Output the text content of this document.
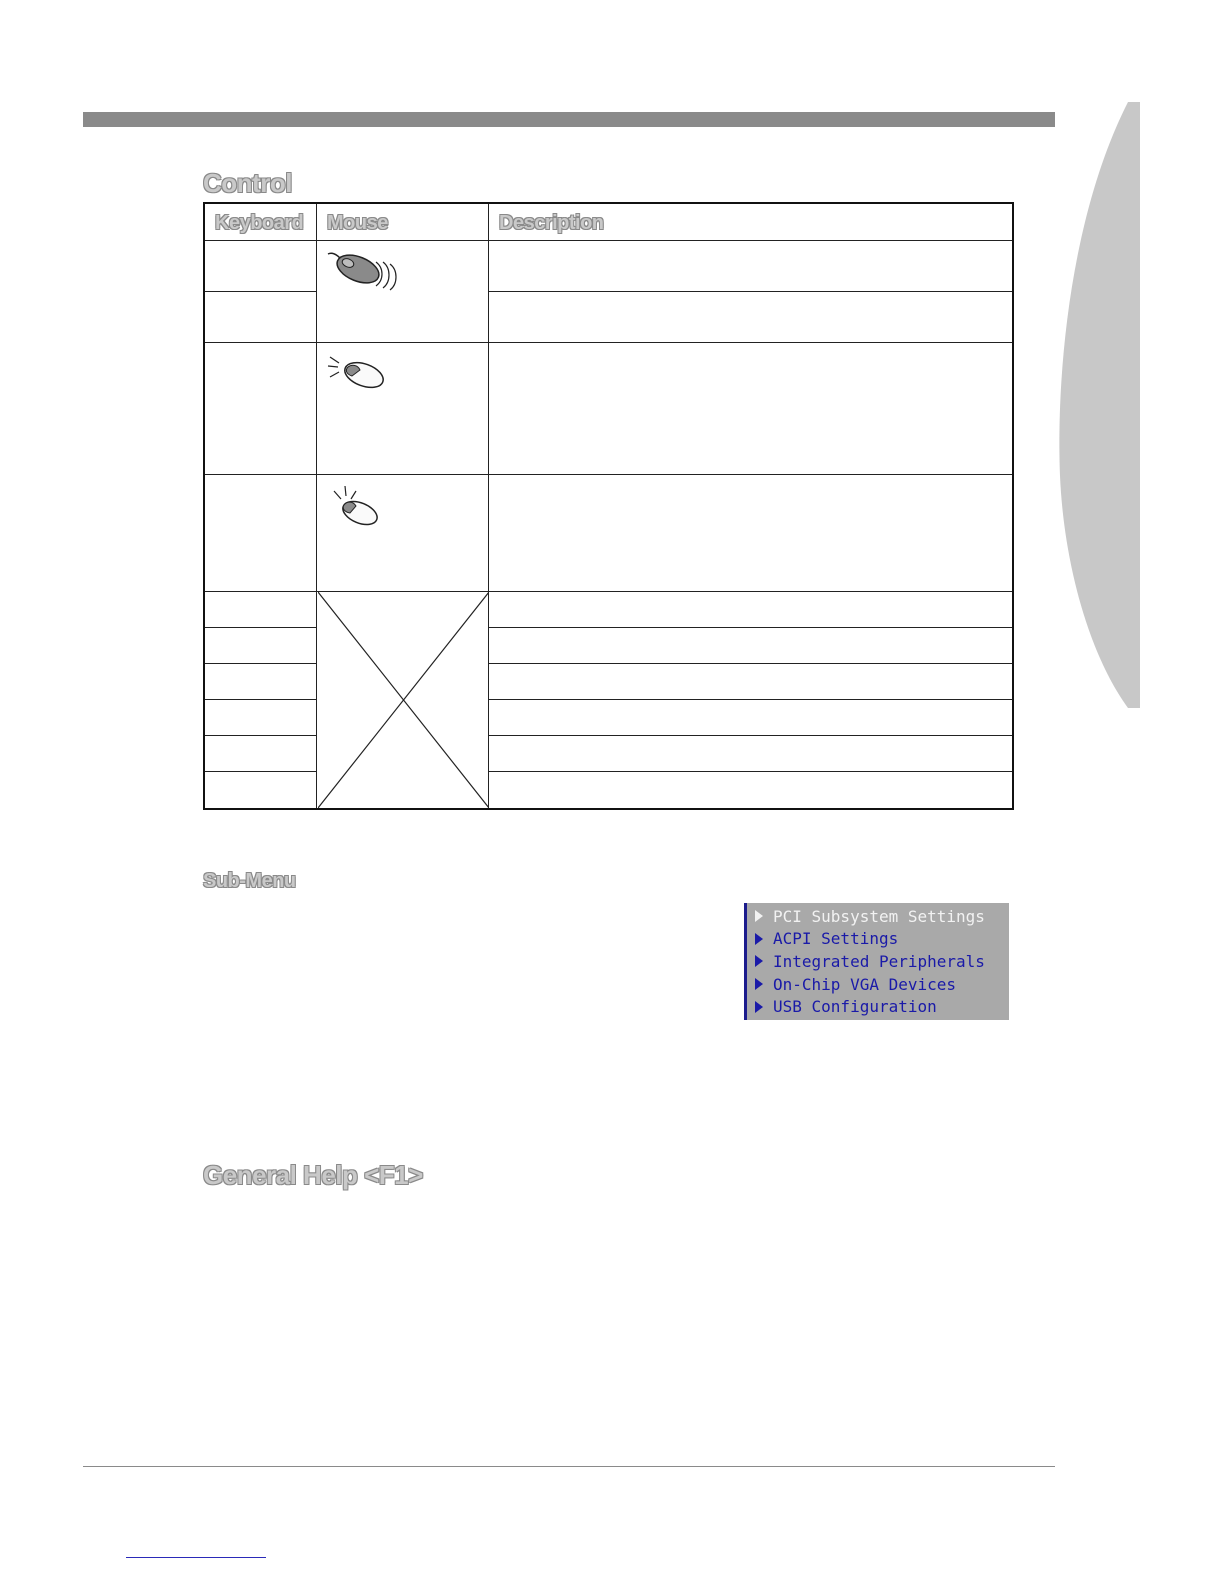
Control
Keyboard Mouse	Description
Sub-Menu
PCI Subsystem Settings
ACPI Settings
Integrated Peripherals
On-Chip VGA Devices
USB Configuration
General Help <F1>
